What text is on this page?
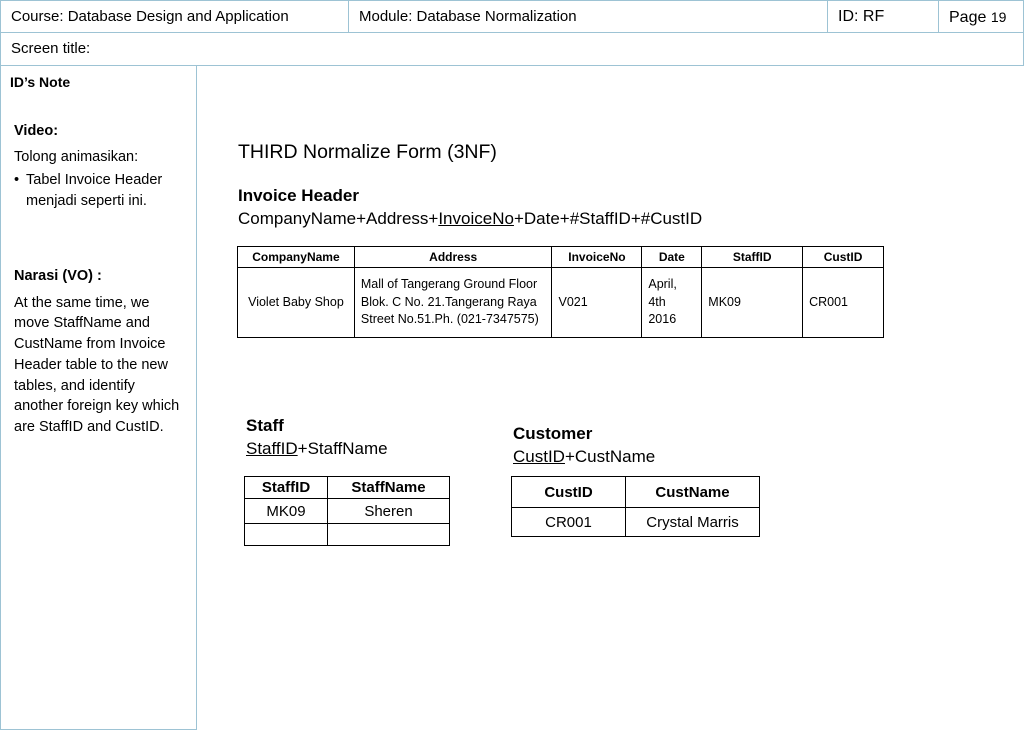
Course: Database Design and Application	Module: Database Normalization	ID: RF	Page 19
Screen title:
ID’s Note
Video:
Tolong animasikan:
• Tabel Invoice Header menjadi seperti ini.
Narasi (VO) :
At the same time, we move StaffName and CustName from Invoice Header table to the new tables, and identify another foreign key which are StaffID and CustID.
THIRD Normalize Form (3NF)
Invoice Header
CompanyName+Address+InvoiceNo+Date+#StaffID+#CustID
CompanyName	Address	InvoiceNo	Date	StaffID	CustID
Violet Baby Shop	Mall of Tangerang Ground Floor Blok. C No. 21.Tangerang Raya Street No.51.Ph. (021-7347575)	V021	April, 4th 2016	MK09	CR001
Staff
StaffID+StaffName
StaffID	StaffName
MK09	Sheren

Customer
CustID+CustName
CustID	CustName
CR001	Crystal Marris
